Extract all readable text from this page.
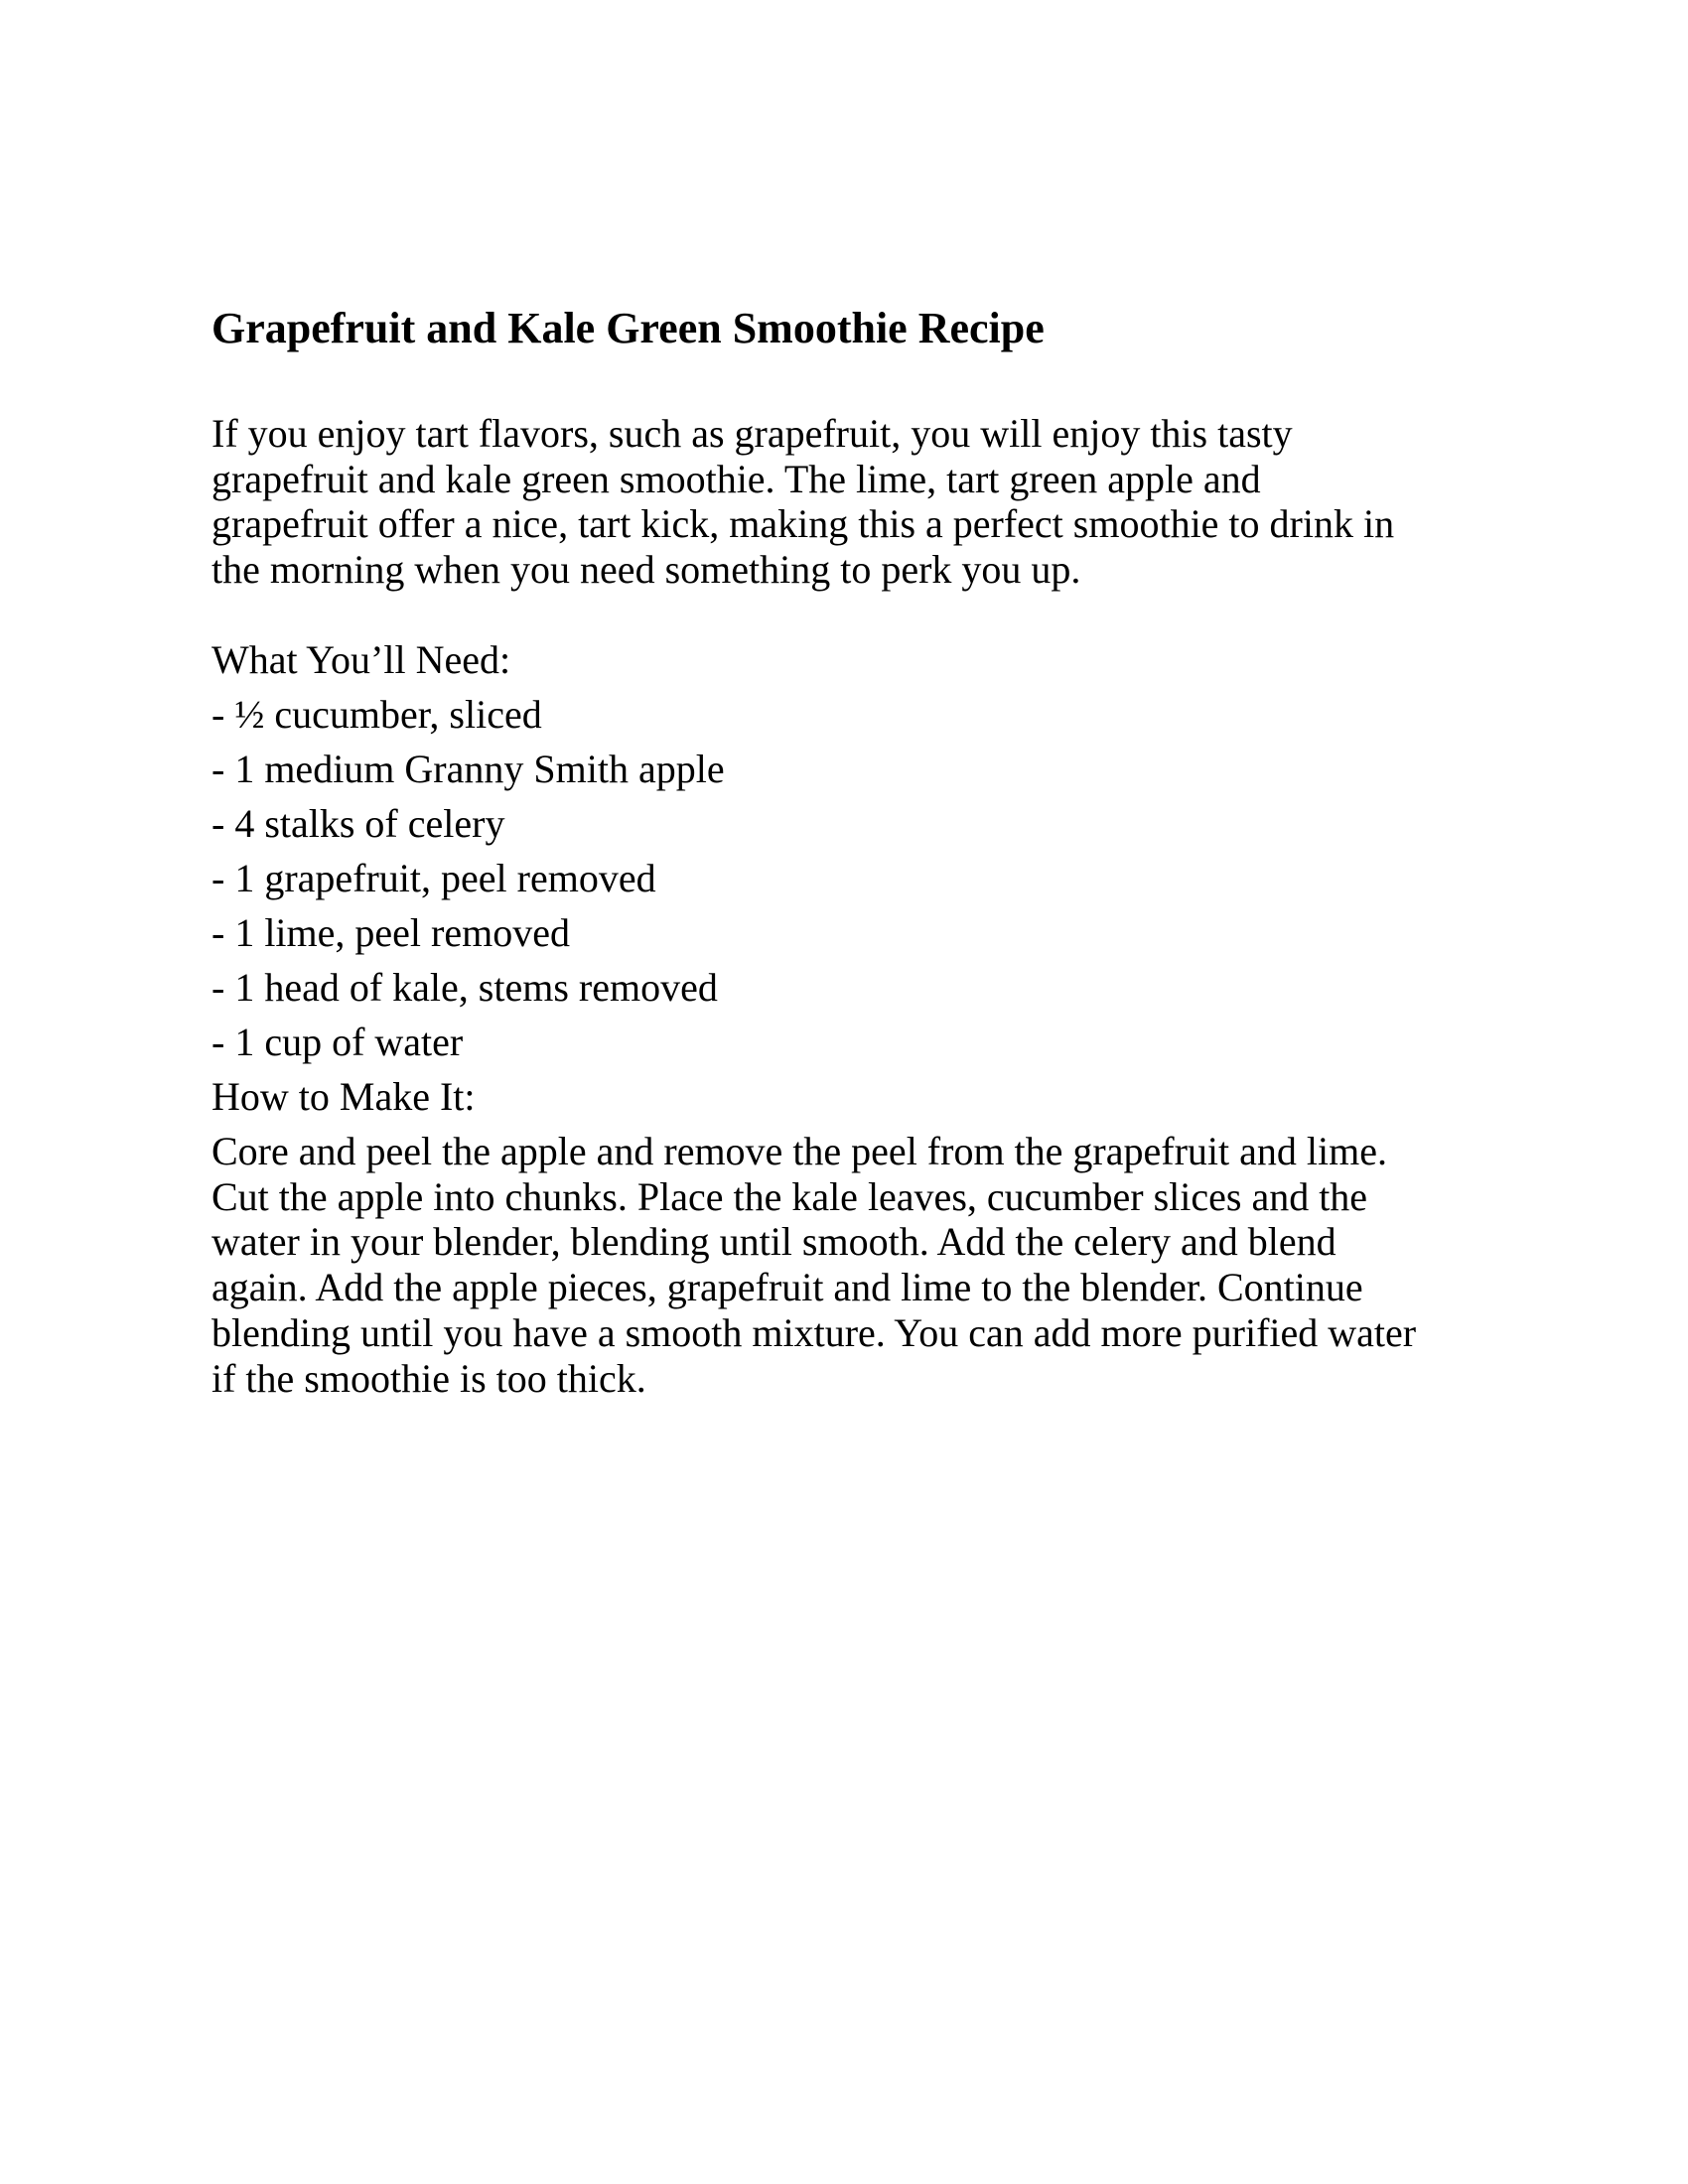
Grapefruit and Kale Green Smoothie Recipe

If you enjoy tart flavors, such as grapefruit, you will enjoy this tasty
grapefruit and kale green smoothie. The lime, tart green apple and
grapefruit offer a nice, tart kick, making this a perfect smoothie to drink in
the morning when you need something to perk you up.

What You’ll Need:

- ½ cucumber, sliced

- 1 medium Granny Smith apple

- 4 stalks of celery

- 1 grapefruit, peel removed

- 1 lime, peel removed

- 1 head of kale, stems removed

- 1 cup of water

How to Make It:

Core and peel the apple and remove the peel from the grapefruit and lime.
Cut the apple into chunks. Place the kale leaves, cucumber slices and the
water in your blender, blending until smooth. Add the celery and blend
again. Add the apple pieces, grapefruit and lime to the blender. Continue
blending until you have a smooth mixture. You can add more purified water
if the smoothie is too thick.
